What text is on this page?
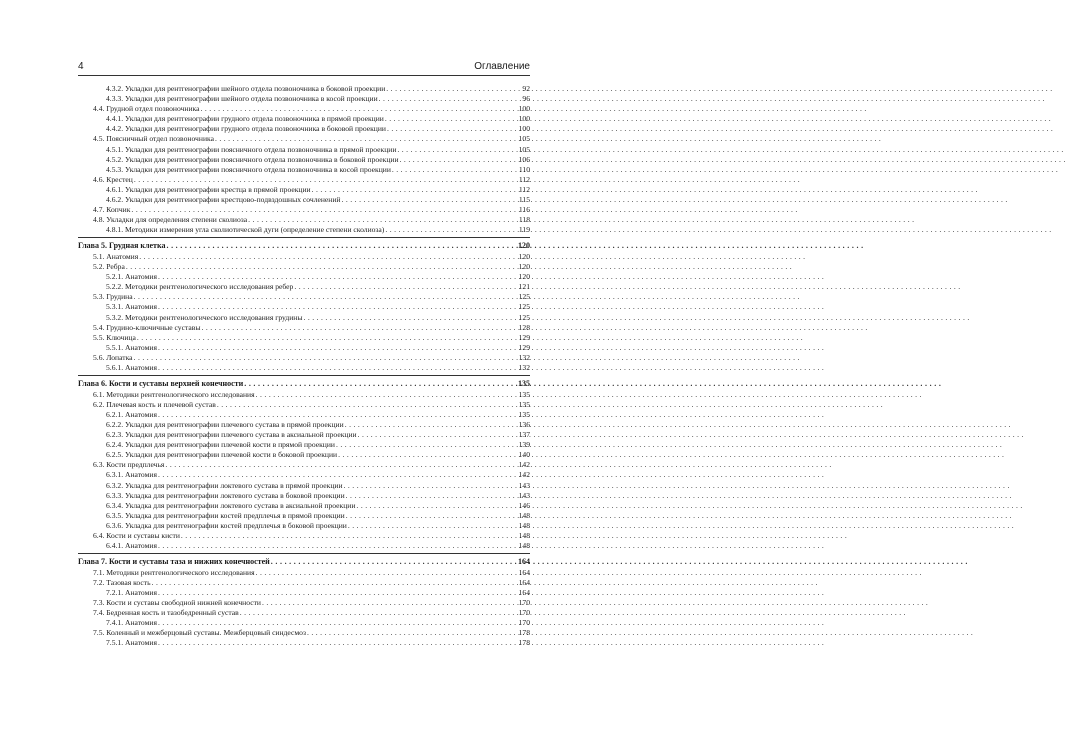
4	Оглавление
4.3.2. Укладки для рентгенографии шейного отдела позвоночника в боковой проекции . . .	92
4.3.3. Укладки для рентгенографии шейного отдела позвоночника в косой проекции . . .	96
4.4. Грудной отдел позвоночника . . .	100
4.4.1. Укладки для рентгенографии грудного отдела позвоночника в прямой проекции . . .	100
4.4.2. Укладки для рентгенографии грудного отдела позвоночника в боковой проекции . . .	100
4.5. Поясничный отдел позвоночника . . .	105
4.5.1. Укладки для рентгенографии поясничного отдела позвоночника в прямой проекции . . .	105
4.5.2. Укладки для рентгенографии поясничного отдела позвоночника в боковой проекции . . .	106
4.5.3. Укладки для рентгенографии поясничного отдела позвоночника в косой проекции . . .	110
4.6. Крестец . . .	112
4.6.1. Укладки для рентгенографии крестца в прямой проекции . . .	112
4.6.2. Укладки для рентгенографии крестцово-подвздошных сочленений . . .	115
4.7. Копчик . . .	116
4.8. Укладки для определения степени сколиоза . . .	118
4.8.1. Методики измерения угла сколиотической дуги (определение степени сколиоза) . . .	119
Глава 5. Грудная клетка . . .	120
5.1. Анатомия . . .	120
5.2. Ребра . . .	120
5.2.1. Анатомия . . .	120
5.2.2. Методики рентгенологического исследования ребер . . .	121
5.3. Грудина . . .	125
5.3.1. Анатомия . . .	125
5.3.2. Методики рентгенологического исследования грудины . . .	125
5.4. Грудино-ключичные суставы . . .	128
5.5. Ключица . . .	129
5.5.1. Анатомия . . .	129
5.6. Лопатка . . .	132
5.6.1. Анатомия . . .	132
Глава 6. Кости и суставы верхней конечности . . .	135
6.1. Методики рентгенологического исследования . . .	135
6.2. Плечевая кость и плечевой сустав . . .	135
6.2.1. Анатомия . . .	135
6.2.2. Укладки для рентгенографии плечевого сустава в прямой проекции . . .	136
6.2.3. Укладки для рентгенографии плечевого сустава в аксиальной проекции . . .	137
6.2.4. Укладки для рентгенографии плечевой кости в прямой проекции . . .	139
6.2.5. Укладки для рентгенографии плечевой кости в боковой проекции . . .	140
6.3. Кости предплечья . . .	142
6.3.1. Анатомия . . .	142
6.3.2. Укладка для рентгенографии локтевого сустава в прямой проекции . . .	143
6.3.3. Укладка для рентгенографии локтевого сустава в боковой проекции . . .	143
6.3.4. Укладка для рентгенографии локтевого сустава в аксиальной проекции . . .	146
6.3.5. Укладка для рентгенографии костей предплечья в прямой проекции . . .	148
6.3.6. Укладка для рентгенографии костей предплечья в боковой проекции . . .	148
6.4. Кости и суставы кисти . . .	148
6.4.1. Анатомия . . .	148
Глава 7. Кости и суставы таза и нижних конечностей . . .	164
7.1. Методики рентгенологического исследования . . .	164
7.2. Тазовая кость . . .	164
7.2.1. Анатомия . . .	164
7.3. Кости и суставы свободной нижней конечности . . .	170
7.4. Бедренная кость и тазобедренный сустав . . .	170
7.4.1. Анатомия . . .	170
7.5. Коленный и межберцовый суставы. Межберцовый синдесмоз . . .	178
7.5.1. Анатомия . . .	178
